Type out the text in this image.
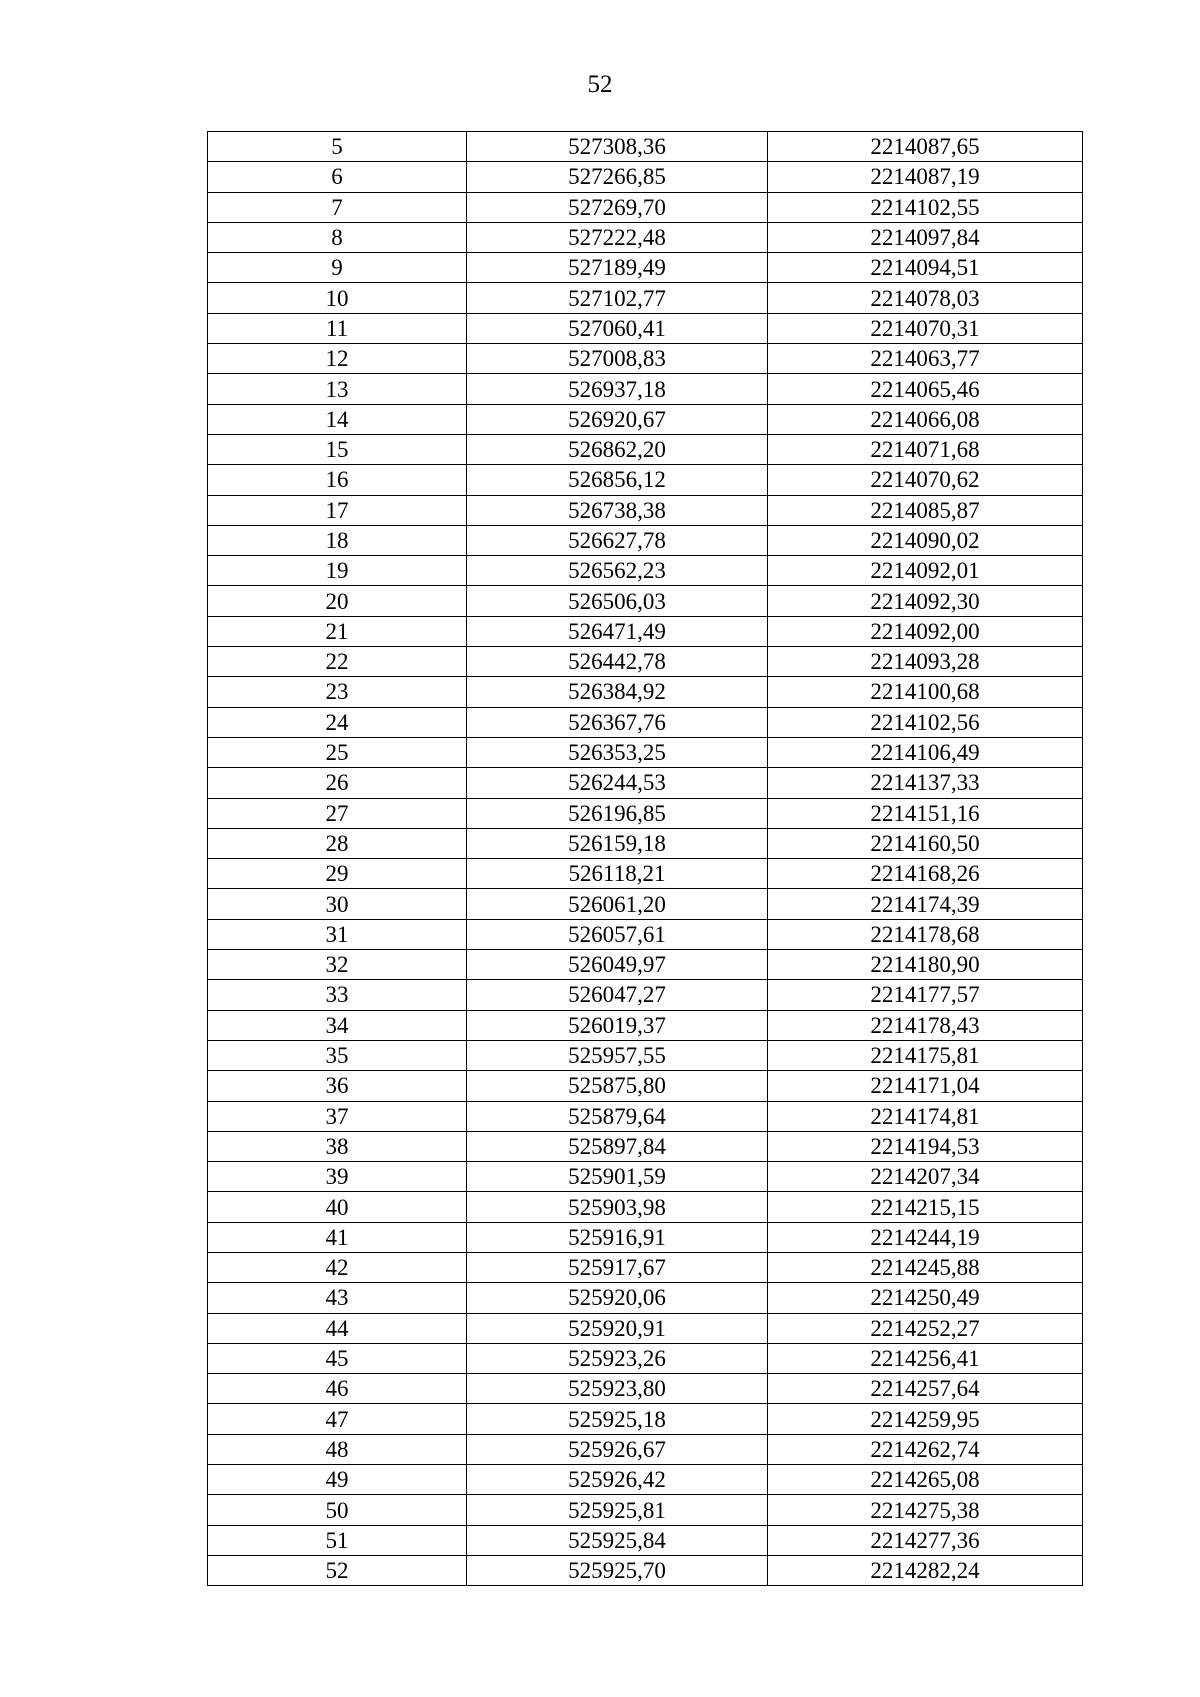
52
5	527308,36	2214087,65
6	527266,85	2214087,19
7	527269,70	2214102,55
8	527222,48	2214097,84
9	527189,49	2214094,51
10	527102,77	2214078,03
11	527060,41	2214070,31
12	527008,83	2214063,77
13	526937,18	2214065,46
14	526920,67	2214066,08
15	526862,20	2214071,68
16	526856,12	2214070,62
17	526738,38	2214085,87
18	526627,78	2214090,02
19	526562,23	2214092,01
20	526506,03	2214092,30
21	526471,49	2214092,00
22	526442,78	2214093,28
23	526384,92	2214100,68
24	526367,76	2214102,56
25	526353,25	2214106,49
26	526244,53	2214137,33
27	526196,85	2214151,16
28	526159,18	2214160,50
29	526118,21	2214168,26
30	526061,20	2214174,39
31	526057,61	2214178,68
32	526049,97	2214180,90
33	526047,27	2214177,57
34	526019,37	2214178,43
35	525957,55	2214175,81
36	525875,80	2214171,04
37	525879,64	2214174,81
38	525897,84	2214194,53
39	525901,59	2214207,34
40	525903,98	2214215,15
41	525916,91	2214244,19
42	525917,67	2214245,88
43	525920,06	2214250,49
44	525920,91	2214252,27
45	525923,26	2214256,41
46	525923,80	2214257,64
47	525925,18	2214259,95
48	525926,67	2214262,74
49	525926,42	2214265,08
50	525925,81	2214275,38
51	525925,84	2214277,36
52	525925,70	2214282,24
